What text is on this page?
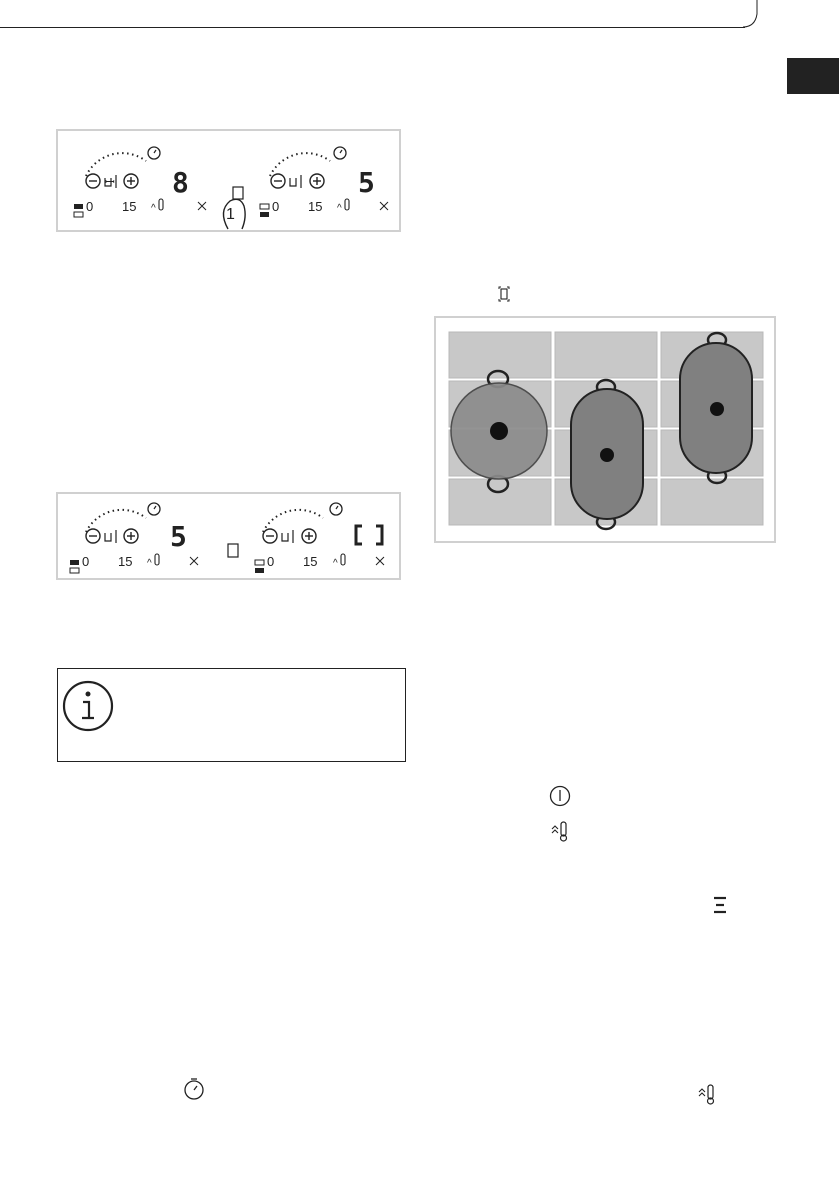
ꟷ
0 15 ^
8
1	0 15 ^
5
0 15 ^
5
0 15 ^
